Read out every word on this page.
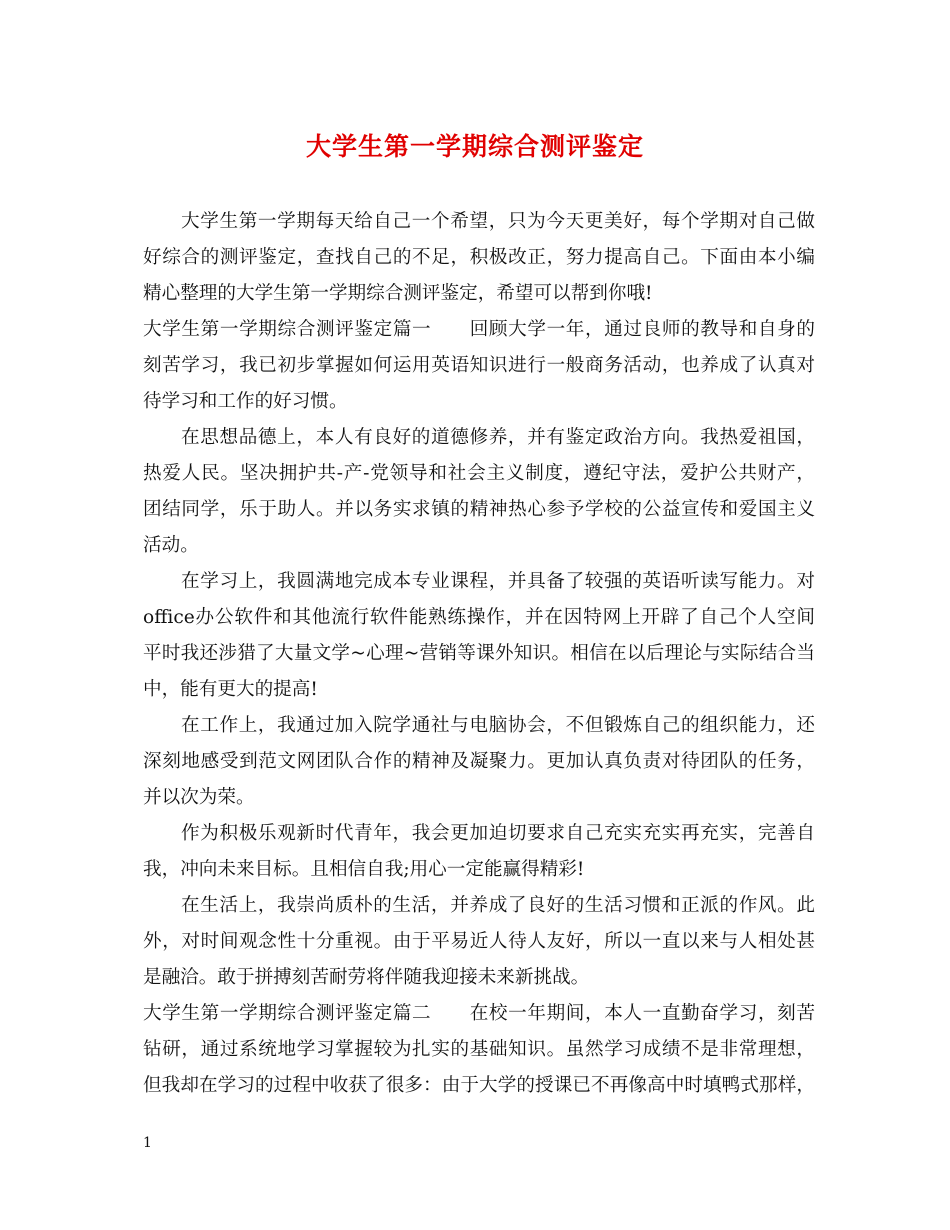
大学生第一学期综合测评鉴定
大学生第一学期每天给自己一个希望，只为今天更美好，每个学期对自己做
好综合的测评鉴定，查找自己的不足，积极改正，努力提高自己。下面由本小编
精心整理的大学生第一学期综合测评鉴定，希望可以帮到你哦!
大学生第一学期综合测评鉴定篇一　　回顾大学一年，通过良师的教导和自身的
刻苦学习，我已初步掌握如何运用英语知识进行一般商务活动，也养成了认真对
待学习和工作的好习惯。
在思想品德上，本人有良好的道德修养，并有鉴定政治方向。我热爱祖国，
热爱人民。坚决拥护共-产-党领导和社会主义制度，遵纪守法，爱护公共财产，
团结同学，乐于助人。并以务实求镇的精神热心参予学校的公益宣传和爱国主义
活动。
在学习上，我圆满地完成本专业课程，并具备了较强的英语听读写能力。对
office办公软件和其他流行软件能熟练操作，并在因特网上开辟了自己个人空间
平时我还涉猎了大量文学~心理~营销等课外知识。相信在以后理论与实际结合当
中，能有更大的提高!
在工作上，我通过加入院学通社与电脑协会，不但锻炼自己的组织能力，还
深刻地感受到范文网团队合作的精神及凝聚力。更加认真负责对待团队的任务，
并以次为荣。
作为积极乐观新时代青年，我会更加迫切要求自己充实充实再充实，完善自
我，冲向未来目标。且相信自我;用心一定能赢得精彩!
在生活上，我崇尚质朴的生活，并养成了良好的生活习惯和正派的作风。此
外，对时间观念性十分重视。由于平易近人待人友好，所以一直以来与人相处甚
是融洽。敢于拼搏刻苦耐劳将伴随我迎接未来新挑战。
大学生第一学期综合测评鉴定篇二　　在校一年期间，本人一直勤奋学习，刻苦
钻研，通过系统地学习掌握较为扎实的基础知识。虽然学习成绩不是非常理想，
但我却在学习的过程中收获了很多：由于大学的授课已不再像高中时填鸭式那样，
1
